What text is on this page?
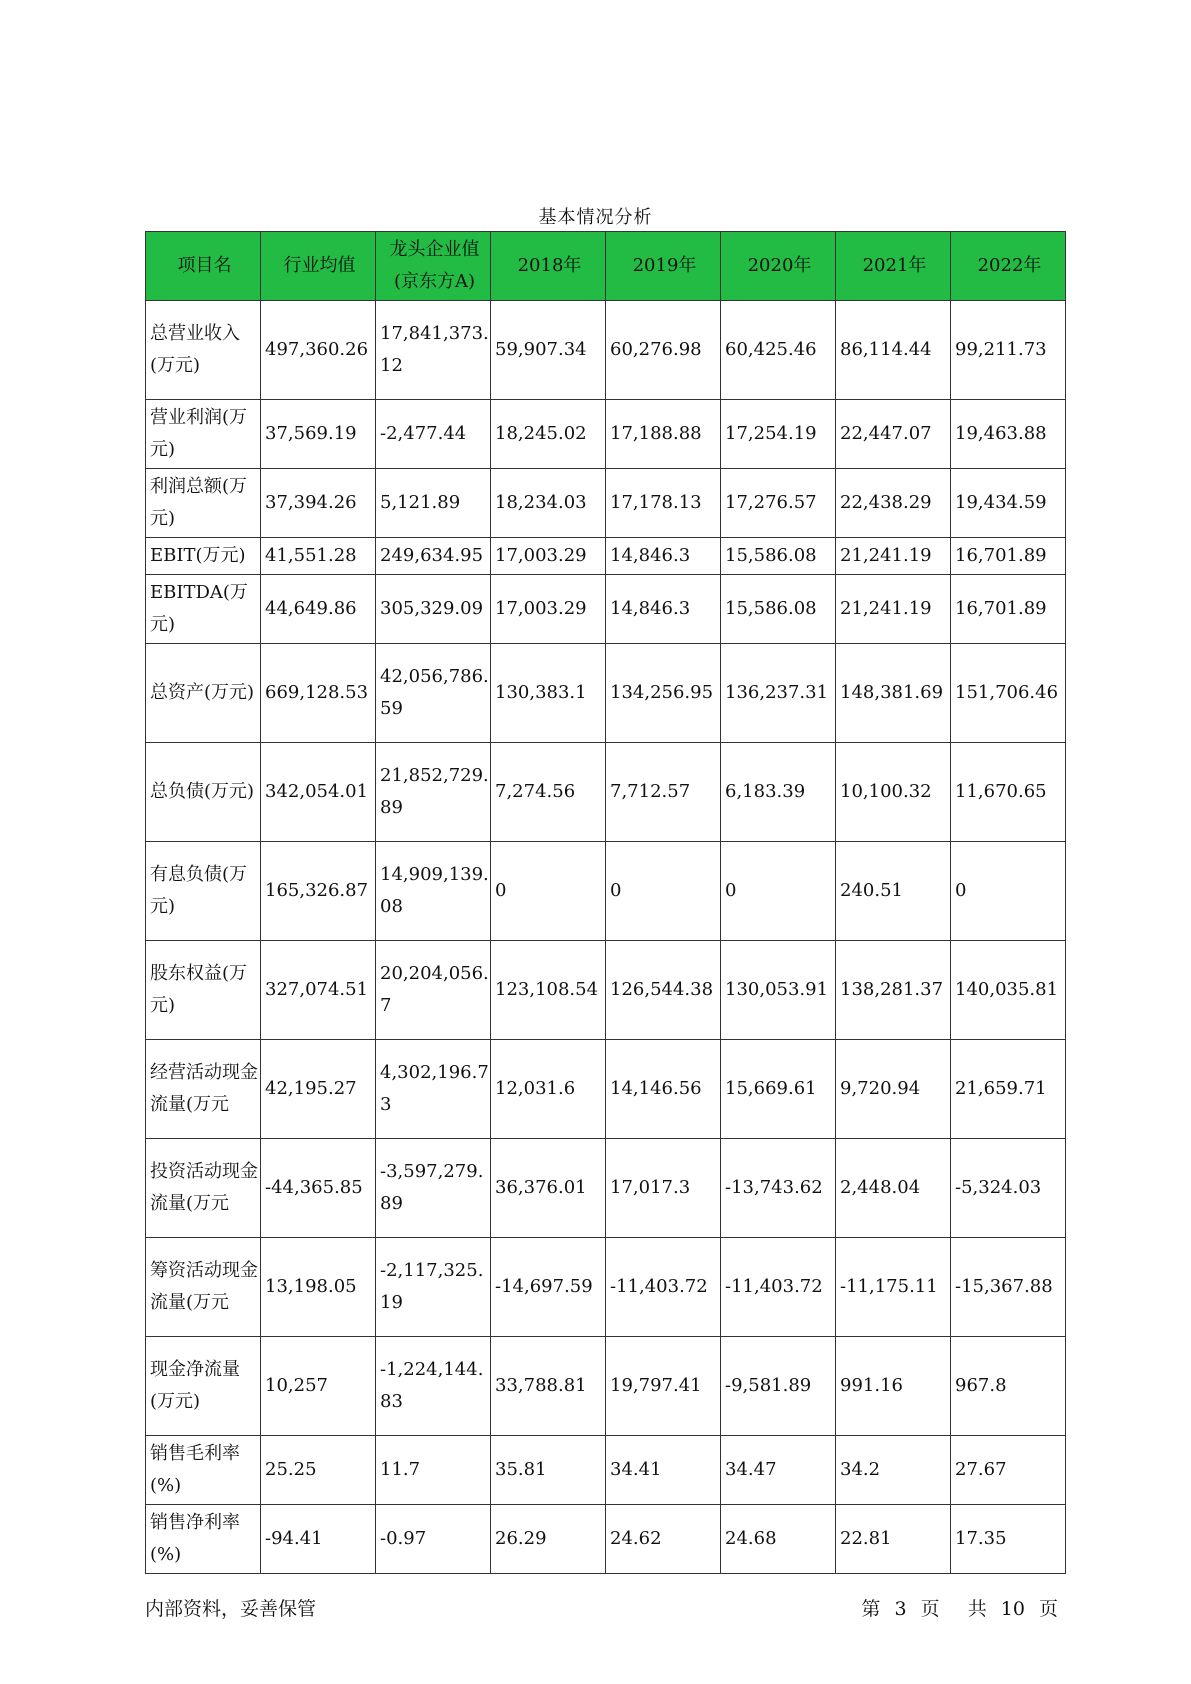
基本情况分析
项目名	行业均值	龙头企业值(京东方A)	2018年	2019年	2020年	2021年	2022年
总营业收入(万元)	497,360.26	17,841,373.12	59,907.34	60,276.98	60,425.46	86,114.44	99,211.73
营业利润(万元)	37,569.19	-2,477.44	18,245.02	17,188.88	17,254.19	22,447.07	19,463.88
利润总额(万元)	37,394.26	5,121.89	18,234.03	17,178.13	17,276.57	22,438.29	19,434.59
EBIT(万元)	41,551.28	249,634.95	17,003.29	14,846.3	15,586.08	21,241.19	16,701.89
EBITDA(万元)	44,649.86	305,329.09	17,003.29	14,846.3	15,586.08	21,241.19	16,701.89
总资产(万元)	669,128.53	42,056,786.59	130,383.1	134,256.95	136,237.31	148,381.69	151,706.46
总负债(万元)	342,054.01	21,852,729.89	7,274.56	7,712.57	6,183.39	10,100.32	11,670.65
有息负债(万元)	165,326.87	14,909,139.08	0	0	0	240.51	0
股东权益(万元)	327,074.51	20,204,056.7	123,108.54	126,544.38	130,053.91	138,281.37	140,035.81
经营活动现金流量(万元	42,195.27	4,302,196.73	12,031.6	14,146.56	15,669.61	9,720.94	21,659.71
投资活动现金流量(万元	-44,365.85	-3,597,279.89	36,376.01	17,017.3	-13,743.62	2,448.04	-5,324.03
筹资活动现金流量(万元	13,198.05	-2,117,325.19	-14,697.59	-11,403.72	-11,403.72	-11,175.11	-15,367.88
现金净流量(万元)	10,257	-1,224,144.83	33,788.81	19,797.41	-9,581.89	991.16	967.8
销售毛利率(%)	25.25	11.7	35.81	34.41	34.47	34.2	27.67
销售净利率(%)	-94.41	-0.97	26.29	24.62	24.68	22.81	17.35
内部资料，妥善保管	第 3 页 共 10 页
